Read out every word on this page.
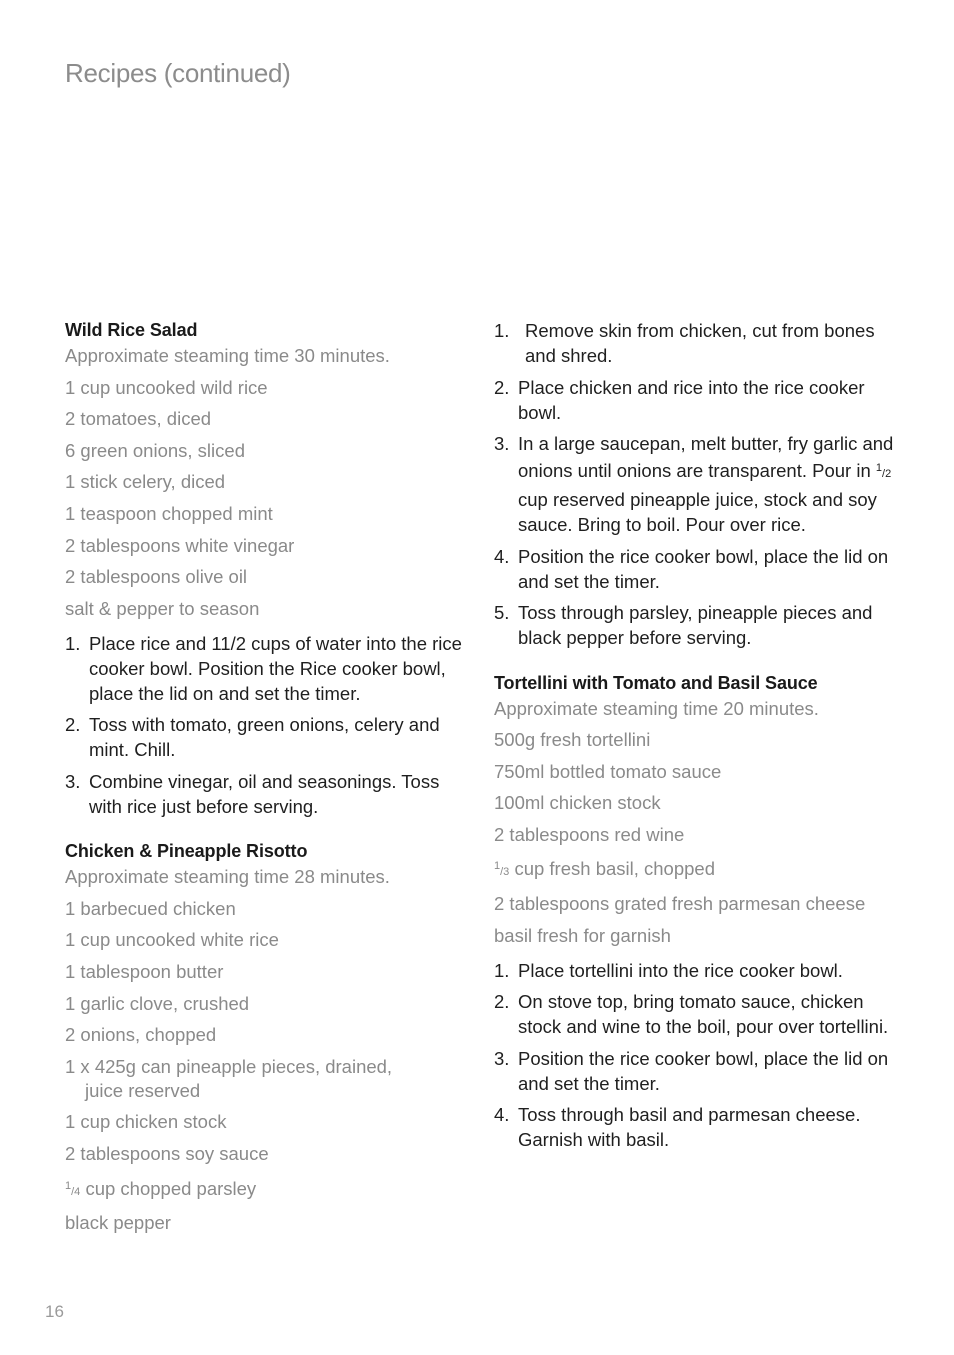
Recipes (continued)
Wild Rice Salad
Approximate steaming time 30 minutes.
1 cup uncooked wild rice
2 tomatoes, diced
6 green onions, sliced
1 stick celery, diced
1 teaspoon chopped mint
2 tablespoons white vinegar
2 tablespoons olive oil
salt & pepper to season
1. Place rice and 11/2 cups of water into the rice cooker bowl. Position the Rice cooker bowl, place the lid on and set the timer.
2. Toss with tomato, green onions, celery and mint. Chill.
3. Combine vinegar, oil and seasonings. Toss with rice just before serving.
Chicken & Pineapple Risotto
Approximate steaming time 28 minutes.
1 barbecued chicken
1 cup uncooked white rice
1 tablespoon butter
1 garlic clove, crushed
2 onions, chopped
1 x 425g can pineapple pieces, drained,
juice reserved
1 cup chicken stock
2 tablespoons soy sauce
$^1$/4 cup chopped parsley
black pepper
1. Remove skin from chicken, cut from bones and shred.
2. Place chicken and rice into the rice cooker bowl.
3. In a large saucepan, melt butter, fry garlic and onions until onions are transparent. Pour in $^1$/2 cup reserved pineapple juice, stock and soy sauce. Bring to boil. Pour over rice.
4. Position the rice cooker bowl, place the lid on and set the timer.
5. Toss through parsley, pineapple pieces and black pepper before serving.
Tortellini with Tomato and Basil Sauce
Approximate steaming time 20 minutes.
500g fresh tortellini
750ml bottled tomato sauce
100ml chicken stock
2 tablespoons red wine
$^1$/3 cup fresh basil, chopped
2 tablespoons grated fresh parmesan cheese
basil fresh for garnish
1. Place tortellini into the rice cooker bowl.
2. On stove top, bring tomato sauce, chicken stock and wine to the boil, pour over tortellini.
3. Position the rice cooker bowl, place the lid on and set the timer.
4. Toss through basil and parmesan cheese. Garnish with basil.
16
